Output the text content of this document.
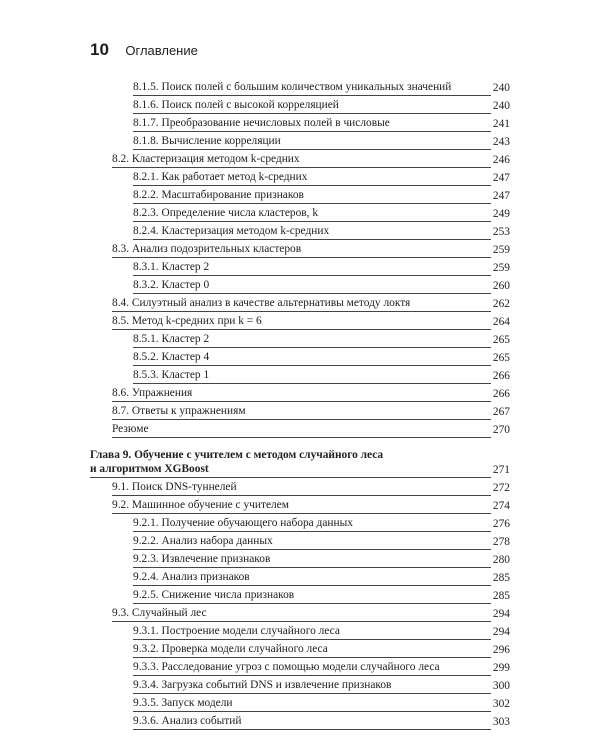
10 Оглавление
8.1.5. Поиск полей с большим количеством уникальных значений	240
8.1.6. Поиск полей с высокой корреляцией	240
8.1.7. Преобразование нечисловых полей в числовые	241
8.1.8. Вычисление корреляции	243
8.2. Кластеризация методом k-средних	246
8.2.1. Как работает метод k-средних	247
8.2.2. Масштабирование признаков	247
8.2.3. Определение числа кластеров, k	249
8.2.4. Кластеризация методом k-средних	253
8.3. Анализ подозрительных кластеров	259
8.3.1. Кластер 2	259
8.3.2. Кластер 0	260
8.4. Силуэтный анализ в качестве альтернативы методу локтя	262
8.5. Метод k-средних при k = 6	264
8.5.1. Кластер 2	265
8.5.2. Кластер 4	265
8.5.3. Кластер 1	266
8.6. Упражнения	266
8.7. Ответы к упражнениям	267
Резюме	270
Глава 9. Обучение с учителем с методом случайного леса
и алгоритмом XGBoost	271
9.1. Поиск DNS-туннелей	272
9.2. Машинное обучение с учителем	274
9.2.1. Получение обучающего набора данных	276
9.2.2. Анализ набора данных	278
9.2.3. Извлечение признаков	280
9.2.4. Анализ признаков	285
9.2.5. Снижение числа признаков	285
9.3. Случайный лес	294
9.3.1. Построение модели случайного леса	294
9.3.2. Проверка модели случайного леса	296
9.3.3. Расследование угроз с помощью модели случайного леса	299
9.3.4. Загрузка событий DNS и извлечение признаков	300
9.3.5. Запуск модели	302
9.3.6. Анализ событий	303
